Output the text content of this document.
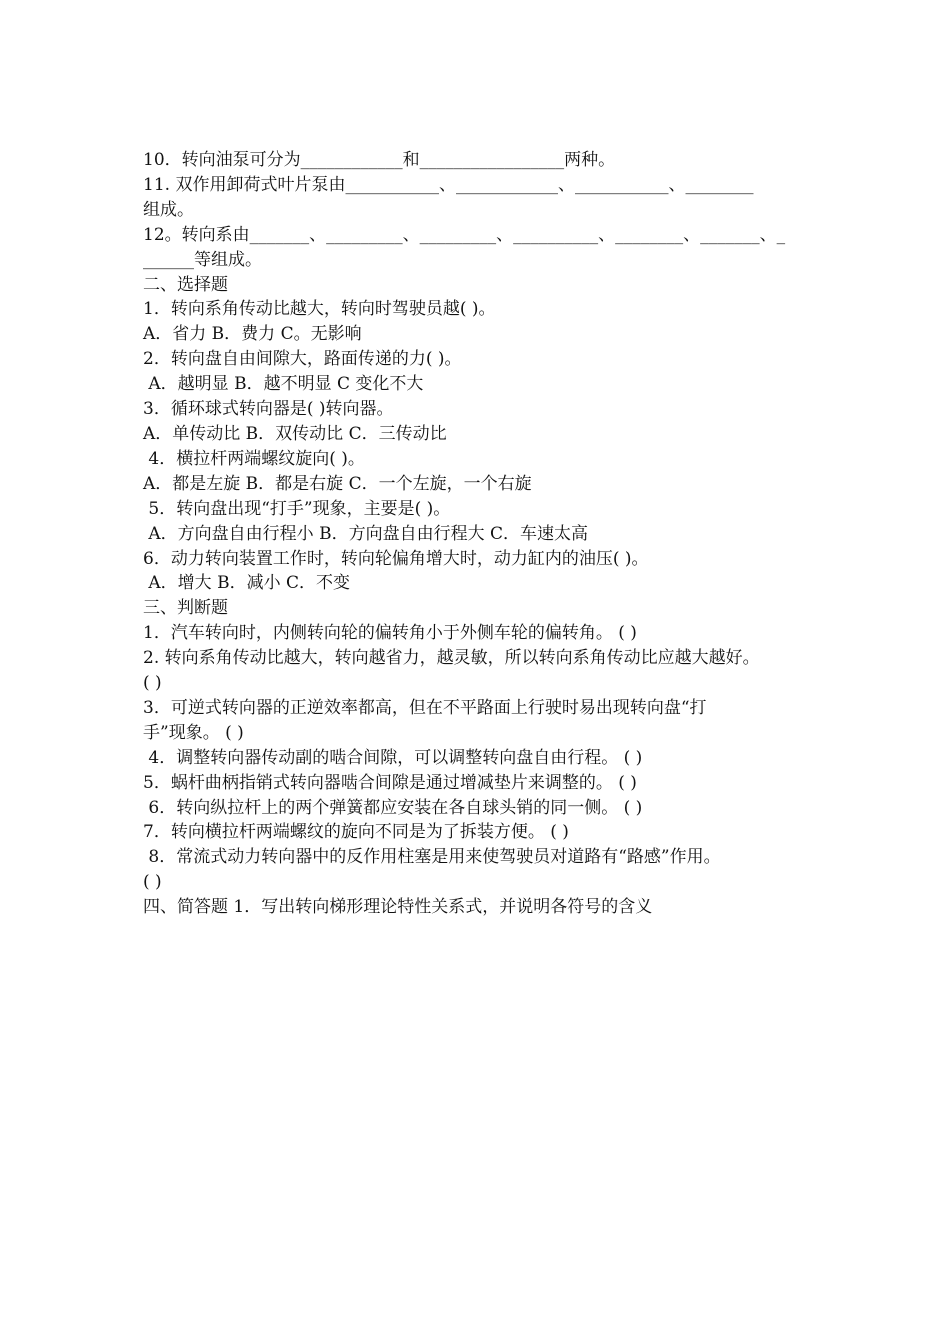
10．转向油泵可分为____________和_________________两种。

11. 双作用卸荷式叶片泵由___________、____________、___________、________

组成。

12。转向系由_______、_________、_________、__________、________、_______、_

______等组成。

二、选择题

1．转向系角传动比越大，转向时驾驶员越( )。

A．省力 B．费力 C。无影响

2．转向盘自由间隙大，路面传递的力( )。

A．越明显 B．越不明显 C 变化不大

3．循环球式转向器是( )转向器。

A．单传动比 B．双传动比 C．三传动比

4．横拉杆两端螺纹旋向( )。

A．都是左旋 B．都是右旋 C．一个左旋，一个右旋

5．转向盘出现“打手”现象，主要是( )。

A．方向盘自由行程小 B．方向盘自由行程大 C．车速太高

6．动力转向装置工作时，转向轮偏角增大时，动力缸内的油压( )。

A．增大 B．减小 C．不变

三、判断题

1．汽车转向时，内侧转向轮的偏转角小于外侧车轮的偏转角。 ( )

2. 转向系角传动比越大，转向越省力，越灵敏，所以转向系角传动比应越大越好。

( )

3．可逆式转向器的正逆效率都高，但在不平路面上行驶时易出现转向盘“打

手”现象。 ( )

4．调整转向器传动副的啮合间隙，可以调整转向盘自由行程。 ( )

5．蜗杆曲柄指销式转向器啮合间隙是通过增减垫片来调整的。 ( )

6．转向纵拉杆上的两个弹簧都应安装在各自球头销的同一侧。 ( )

7．转向横拉杆两端螺纹的旋向不同是为了拆装方便。 ( )

8．常流式动力转向器中的反作用柱塞是用来使驾驶员对道路有“路感”作用。

( )

四、简答题 1．写出转向梯形理论特性关系式，并说明各符号的含义
